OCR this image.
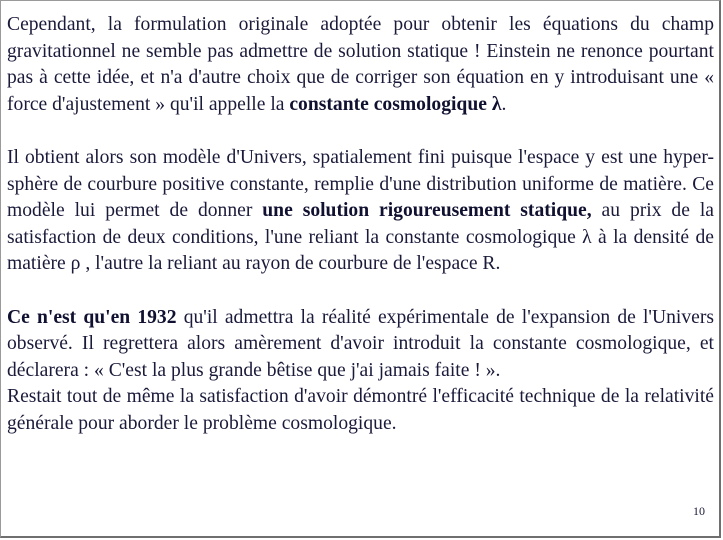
Cependant, la formulation originale adoptée pour obtenir les équations du champ gravitationnel ne semble pas admettre de solution statique ! Einstein ne renonce pourtant pas à cette idée, et n'a d'autre choix que de corriger son équation en y introduisant une « force d'ajustement » qu'il appelle la constante cosmologique λ.

Il obtient alors son modèle d'Univers, spatialement fini puisque l'espace y est une hyper-sphère de courbure positive constante, remplie d'une distribution uniforme de matière. Ce modèle lui permet de donner une solution rigoureusement statique, au prix de la satisfaction de deux conditions, l'une reliant la constante cosmologique λ à la densité de matière ρ , l'autre la reliant au rayon de courbure de l'espace R.

Ce n'est qu'en 1932 qu'il admettra la réalité expérimentale de l'expansion de l'Univers observé. Il regrettera alors amèrement d'avoir introduit la constante cosmologique, et déclarera : « C'est la plus grande bêtise que j'ai jamais faite ! ».

Restait tout de même la satisfaction d'avoir démontré l'efficacité technique de la relativité générale pour aborder le problème cosmologique.

10
